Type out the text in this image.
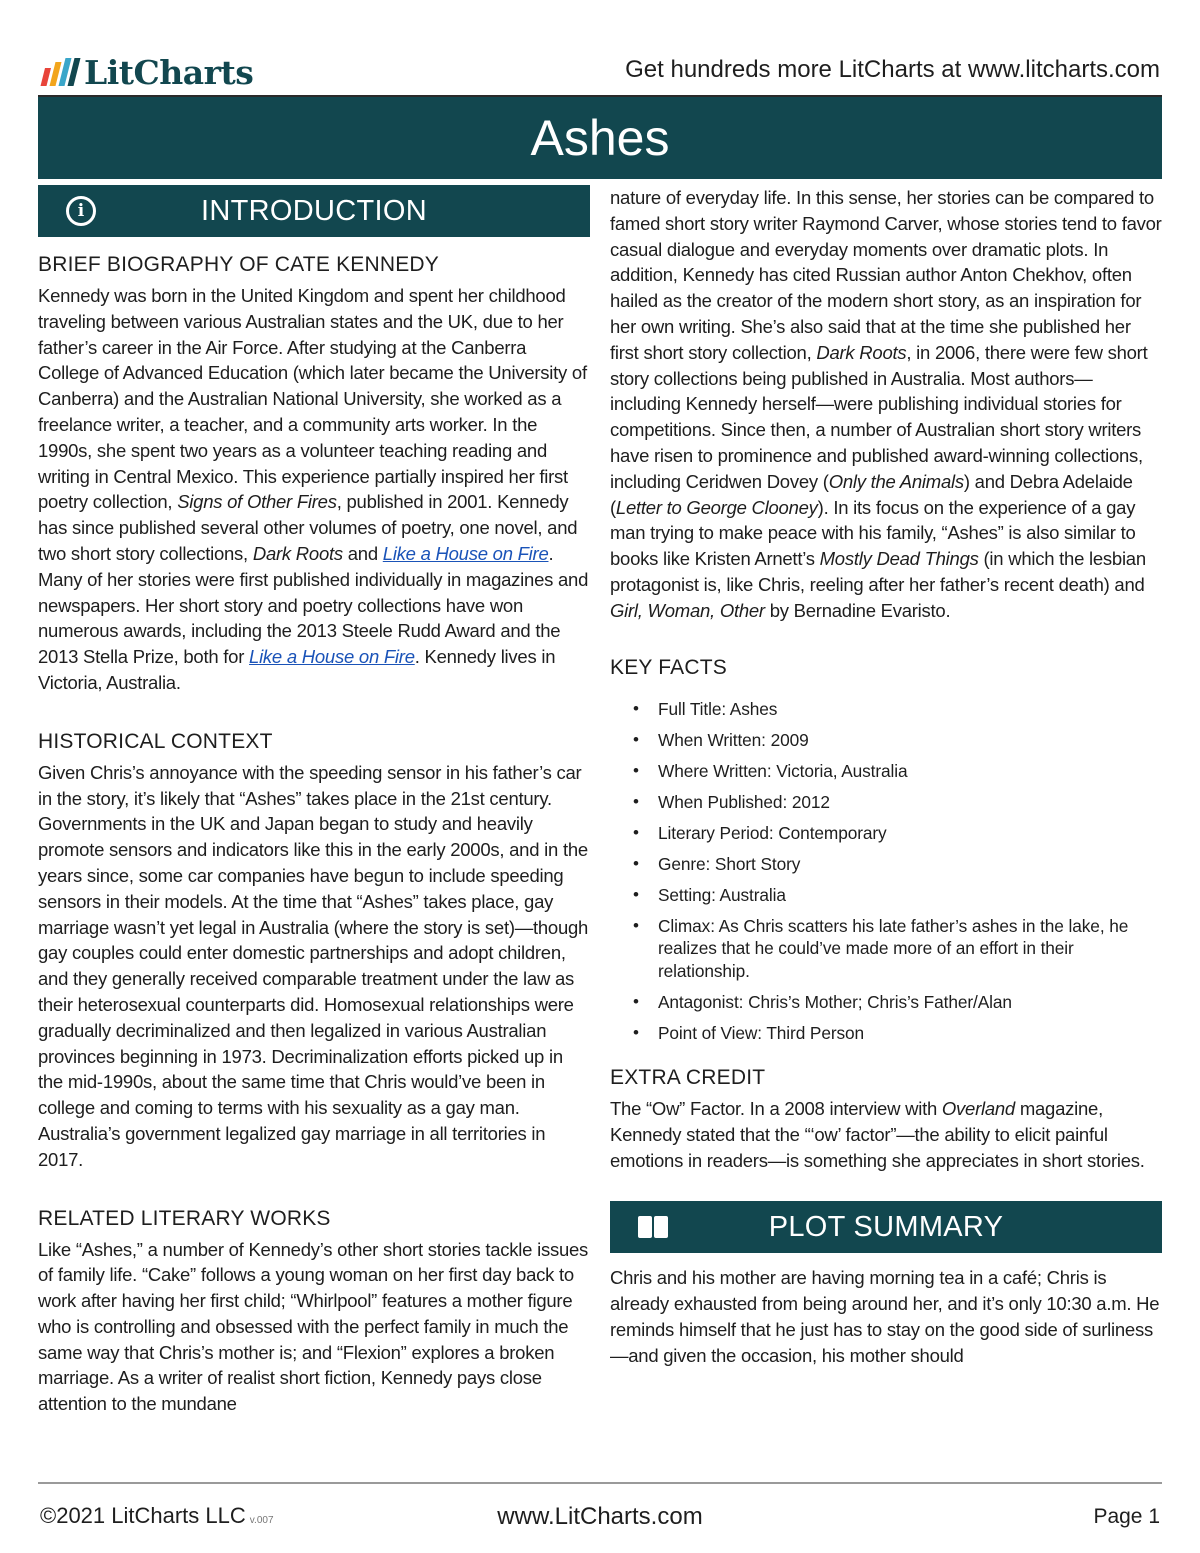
LitCharts	Get hundreds more LitCharts at www.litcharts.com
Ashes
i	INTRODUCTION
BRIEF BIOGRAPHY OF CATE KENNEDY

Kennedy was born in the United Kingdom and spent her childhood traveling between various Australian states and the UK, due to her father’s career in the Air Force. After studying at the Canberra College of Advanced Education (which later became the University of Canberra) and the Australian National University, she worked as a freelance writer, a teacher, and a community arts worker. In the 1990s, she spent two years as a volunteer teaching reading and writing in Central Mexico. This experience partially inspired her first poetry collection, Signs of Other Fires, published in 2001. Kennedy has since published several other volumes of poetry, one novel, and two short story collections, Dark Roots and Like a House on Fire. Many of her stories were first published individually in magazines and newspapers. Her short story and poetry collections have won numerous awards, including the 2013 Steele Rudd Award and the 2013 Stella Prize, both for Like a House on Fire. Kennedy lives in Victoria, Australia.

HISTORICAL CONTEXT

Given Chris’s annoyance with the speeding sensor in his father’s car in the story, it’s likely that “Ashes” takes place in the 21st century. Governments in the UK and Japan began to study and heavily promote sensors and indicators like this in the early 2000s, and in the years since, some car companies have begun to include speeding sensors in their models. At the time that “Ashes” takes place, gay marriage wasn’t yet legal in Australia (where the story is set)—though gay couples could enter domestic partnerships and adopt children, and they generally received comparable treatment under the law as their heterosexual counterparts did. Homosexual relationships were gradually decriminalized and then legalized in various Australian provinces beginning in 1973. Decriminalization efforts picked up in the mid-1990s, about the same time that Chris would’ve been in college and coming to terms with his sexuality as a gay man. Australia’s government legalized gay marriage in all territories in 2017.

RELATED LITERARY WORKS

Like “Ashes,” a number of Kennedy’s other short stories tackle issues of family life. “Cake” follows a young woman on her first day back to work after having her first child; “Whirlpool” features a mother figure who is controlling and obsessed with the perfect family in much the same way that Chris’s mother is; and “Flexion” explores a broken marriage. As a writer of realist short fiction, Kennedy pays close attention to the mundane

nature of everyday life. In this sense, her stories can be compared to famed short story writer Raymond Carver, whose stories tend to favor casual dialogue and everyday moments over dramatic plots. In addition, Kennedy has cited Russian author Anton Chekhov, often hailed as the creator of the modern short story, as an inspiration for her own writing. She’s also said that at the time she published her first short story collection, Dark Roots, in 2006, there were few short story collections being published in Australia. Most authors—including Kennedy herself—were publishing individual stories for competitions. Since then, a number of Australian short story writers have risen to prominence and published award-winning collections, including Ceridwen Dovey (Only the Animals) and Debra Adelaide (Letter to George Clooney). In its focus on the experience of a gay man trying to make peace with his family, “Ashes” is also similar to books like Kristen Arnett’s Mostly Dead Things (in which the lesbian protagonist is, like Chris, reeling after her father’s recent death) and Girl, Woman, Other by Bernadine Evaristo.

KEY FACTS
• Full Title: Ashes
• When Written: 2009
• Where Written: Victoria, Australia
• When Published: 2012
• Literary Period: Contemporary
• Genre: Short Story
• Setting: Australia
• Climax: As Chris scatters his late father’s ashes in the lake, he realizes that he could’ve made more of an effort in their relationship.
• Antagonist: Chris’s Mother; Chris’s Father/Alan
• Point of View: Third Person
EXTRA CREDIT

The “Ow” Factor. In a 2008 interview with Overland magazine, Kennedy stated that the “‘ow’ factor”—the ability to elicit painful emotions in readers—is something she appreciates in short stories.

PLOT SUMMARY

Chris and his mother are having morning tea in a café; Chris is already exhausted from being around her, and it’s only 10:30 a.m. He reminds himself that he just has to stay on the good side of surliness—and given the occasion, his mother should

©2021 LitCharts LLC v.007	www.LitCharts.com	Page 1
